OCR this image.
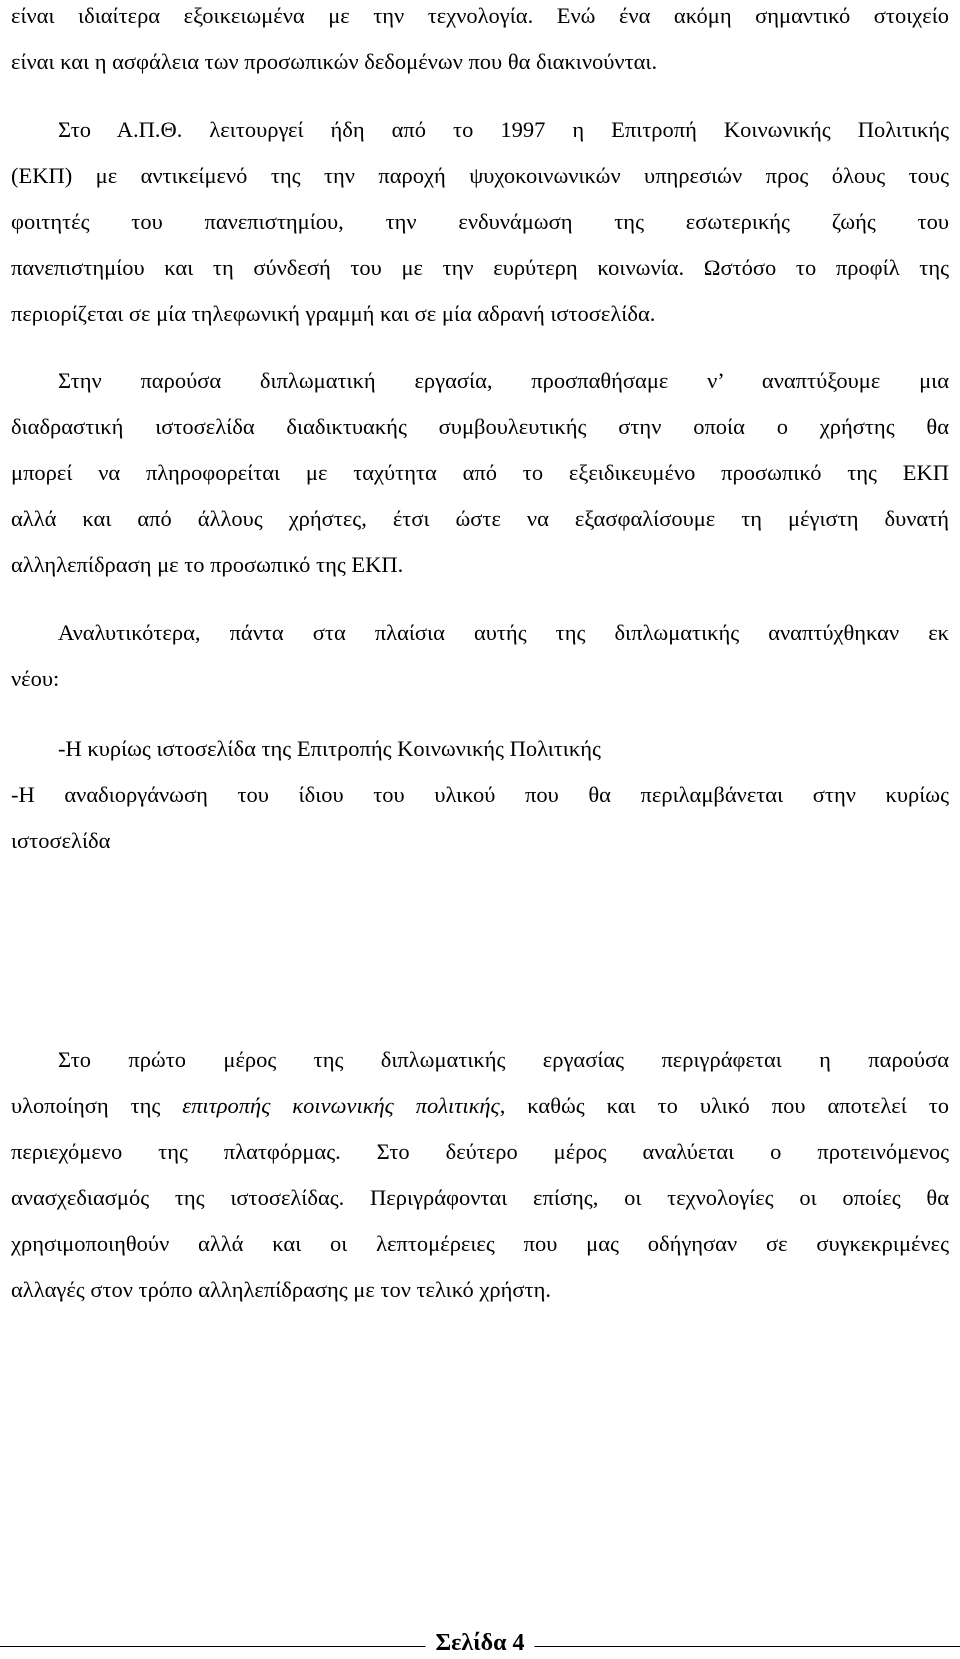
είναι ιδιαίτερα εξοικειωμένα με την τεχνολογία. Ενώ ένα ακόμη σημαντικό στοιχείο
είναι και η ασφάλεια των προσωπικών δεδομένων που θα διακινούνται.
Στο Α.Π.Θ. λειτουργεί ήδη από το 1997 η Επιτροπή Κοινωνικής Πολιτικής
(ΕΚΠ) με αντικείμενό της την παροχή ψυχοκοινωνικών υπηρεσιών προς όλους τους
φοιτητές του πανεπιστημίου, την ενδυνάμωση της εσωτερικής ζωής του
πανεπιστημίου και τη σύνδεσή του με την ευρύτερη κοινωνία. Ωστόσο το προφίλ της
περιορίζεται σε μία τηλεφωνική γραμμή και σε μία αδρανή ιστοσελίδα.
Στην παρούσα διπλωματική εργασία, προσπαθήσαμε ν’ αναπτύξουμε μια
διαδραστική ιστοσελίδα διαδικτυακής συμβουλευτικής στην οποία ο χρήστης θα
μπορεί να πληροφορείται με ταχύτητα από το εξειδικευμένο προσωπικό της ΕΚΠ
αλλά και από άλλους χρήστες, έτσι ώστε να εξασφαλίσουμε τη μέγιστη δυνατή
αλληλεπίδραση με το προσωπικό της ΕΚΠ.
Αναλυτικότερα, πάντα στα πλαίσια αυτής της διπλωματικής αναπτύχθηκαν εκ
νέου:
-Η κυρίως ιστοσελίδα της Επιτροπής Κοινωνικής Πολιτικής
-Η αναδιοργάνωση του ίδιου του υλικού που θα περιλαμβάνεται στην κυρίως
ιστοσελίδα
Στο πρώτο μέρος της διπλωματικής εργασίας περιγράφεται η παρούσα
υλοποίηση της επιτροπής κοινωνικής πολιτικής, καθώς και το υλικό που αποτελεί το
περιεχόμενο της πλατφόρμας. Στο δεύτερο μέρος αναλύεται ο προτεινόμενος
ανασχεδιασμός της ιστοσελίδας. Περιγράφονται επίσης, οι τεχνολογίες οι οποίες θα
χρησιμοποιηθούν αλλά και οι λεπτομέρειες που μας οδήγησαν σε συγκεκριμένες
αλλαγές στον τρόπο αλληλεπίδρασης με τον τελικό χρήστη.
Σελίδα 4
